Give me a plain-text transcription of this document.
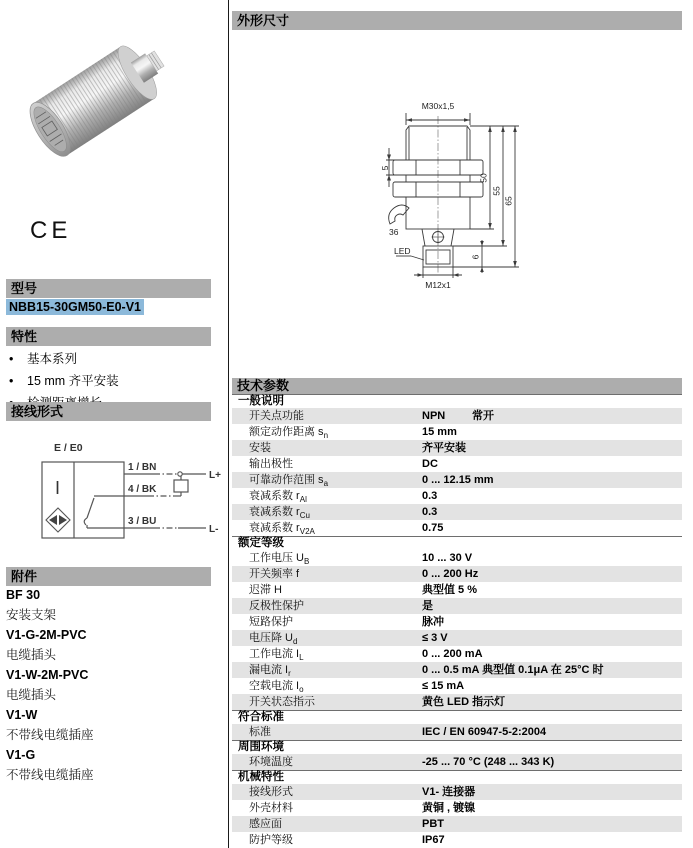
CE
型号
NBB15-30GM50-E0-V1
特性
• 基本系列
• 15 mm 齐平安装
接线形式
E / E0
I
1 / BN
4 / BK
3 / BU
L+
L-
附件
BF 30
安装支架
V1-G-2M-PVC
电缆插头
V1-W-2M-PVC
电缆插头
V1-W
不带线电缆插座
V1-G
不带线电缆插座
外形尺寸
M30x1,5
5
36
LED
M12x1
50
55
65
6
技术参数
一般说明
开关点功能	NPN 常开
额定动作距离 $s_n$	15 mm
安装	齐平安装
输出极性	DC
可靠动作范围 $s_a$	0 ... 12.15 mm
衰减系数 $r_{Al}$	0.3
衰减系数 $r_{Cu}$	0.3
衰减系数 $r_{V2A}$	0.75
额定等级
工作电压 $U_B$	10 ... 30 V
开关频率 f	0 ... 200 Hz
迟滞 H	典型值 5 %
反极性保护	是
短路保护	脉冲
电压降 $U_d$	≤ 3 V
工作电流 $I_L$	0 ... 200 mA
漏电流 $I_r$	0 ... 0.5 mA 典型值 0.1μA 在 25°C 时
空载电流 $I_o$	≤ 15 mA
开关状态指示	黄色 LED 指示灯
符合标准
标准	IEC / EN 60947-5-2:2004
周围环境
环境温度	-25 ... 70 °C (248 ... 343 K)
机械特性
接线形式	V1- 连接器
外壳材料	黄铜 , 镀镍
感应面	PBT
防护等级	IP67
